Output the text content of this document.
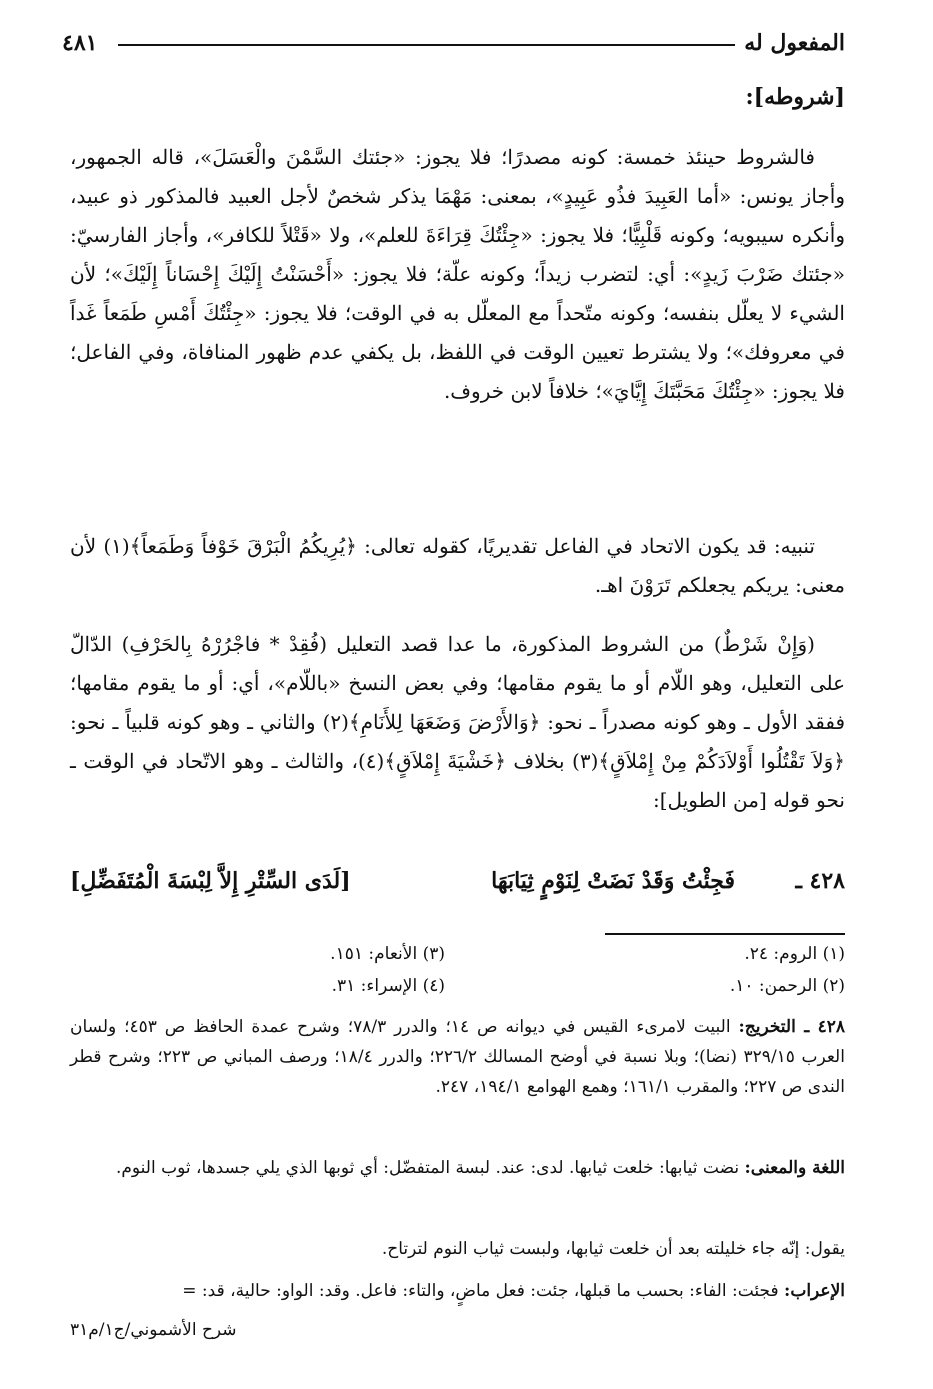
المفعول له
٤٨١
[شروطه]:

فالشروط حينئذ خمسة: كونه مصدرًا؛ فلا يجوز: «جئتك السَّمْنَ والْعَسَلَ»، قاله الجمهور، وأجاز يونس: «أما العَبِيدَ فذُو عَبِيدٍ»، بمعنى: مَهْمَا يذكر شخصٌ لأجل العبيد فالمذكور ذو عبيد، وأنكره سيبويه؛ وكونه قَلْبِيًّا؛ فلا يجوز: «جِئْتُكَ قِرَاءَةَ للعلم»، ولا «قَتْلاً للكافر»، وأجاز الفارسيّ: «جئتك ضَرْبَ زَيدٍ»: أي: لتضرب زيداً؛ وكونه علّة؛ فلا يجوز: «أَحْسَنْتُ إِلَيْكَ إِحْسَاناً إِلَيْكَ»؛ لأن الشيء لا يعلّل بنفسه؛ وكونه متّحداً مع المعلّل به في الوقت؛ فلا يجوز: «جِئْتُكَ أَمْسِ طَمَعاً غَداً في معروفك»؛ ولا يشترط تعيين الوقت في اللفظ، بل يكفي عدم ظهور المنافاة، وفي الفاعل؛ فلا يجوز: «جِئْتُكَ مَحَبَّتَكَ إِيَّايَ»؛ خلافاً لابن خروف.

تنبيه: قد يكون الاتحاد في الفاعل تقديريًا، كقوله تعالى: ﴿يُرِيكُمُ الْبَرْقَ خَوْفاً وَطَمَعاً﴾(١) لأن معنى: يريكم يجعلكم تَرَوْنَ اهـ.

(وَإِنْ شَرْطٌ) من الشروط المذكورة، ما عدا قصد التعليل (فُقِدْ * فاجْرُرْهُ بِالحَرْفِ) الدّالّ على التعليل، وهو اللّام أو ما يقوم مقامها؛ وفي بعض النسخ «باللّام»، أي: أو ما يقوم مقامها؛ ففقد الأول ـ وهو كونه مصدراً ـ نحو: ﴿وَالأَرْضَ وَضَعَهَا لِلأَنَامِ﴾(٢) والثاني ـ وهو كونه قلبياً ـ نحو: ﴿وَلاَ تَقْتُلُوا أَوْلاَدَكُمْ مِنْ إِمْلاَقٍ﴾(٣) بخلاف ﴿خَشْيَةَ إِمْلاَقٍ﴾(٤)، والثالث ـ وهو الاتّحاد في الوقت ـ نحو قوله [من الطويل]:

٤٢٨ ـ
فَجِئْتُ وَقَدْ نَضَتْ لِنَوْمٍ ثِيَابَهَا
[لَدَى السِّتْرِ إِلاَّ لِبْسَةَ الْمُتَفَضِّلِ]
(١) الروم: ٢٤.
(٣) الأنعام: ١٥١.
(٢) الرحمن: ١٠.
(٤) الإسراء: ٣١.
٤٢٨ ـ التخريج: البيت لامرىء القيس في ديوانه ص ١٤؛ والدرر ٧٨/٣؛ وشرح عمدة الحافظ ص ٤٥٣؛ ولسان العرب ٣٢٩/١٥ (نضا)؛ وبلا نسبة في أوضح المسالك ٢٢٦/٢؛ والدرر ١٨/٤؛ ورصف المباني ص ٢٢٣؛ وشرح قطر الندى ص ٢٢٧؛ والمقرب ١٦١/١؛ وهمع الهوامع ١٩٤/١، ٢٤٧.
اللغة والمعنى: نضت ثيابها: خلعت ثيابها. لدى: عند. لبسة المتفضّل: أي ثوبها الذي يلي جسدها، ثوب النوم.
يقول: إنّه جاء خليلته بعد أن خلعت ثيابها، ولبست ثياب النوم لترتاح.
الإعراب: فجئت: الفاء: بحسب ما قبلها، جئت: فعل ماضٍ، والتاء: فاعل. وقد: الواو: حالية، قد: =
شرح الأشموني/ج١/م٣١
